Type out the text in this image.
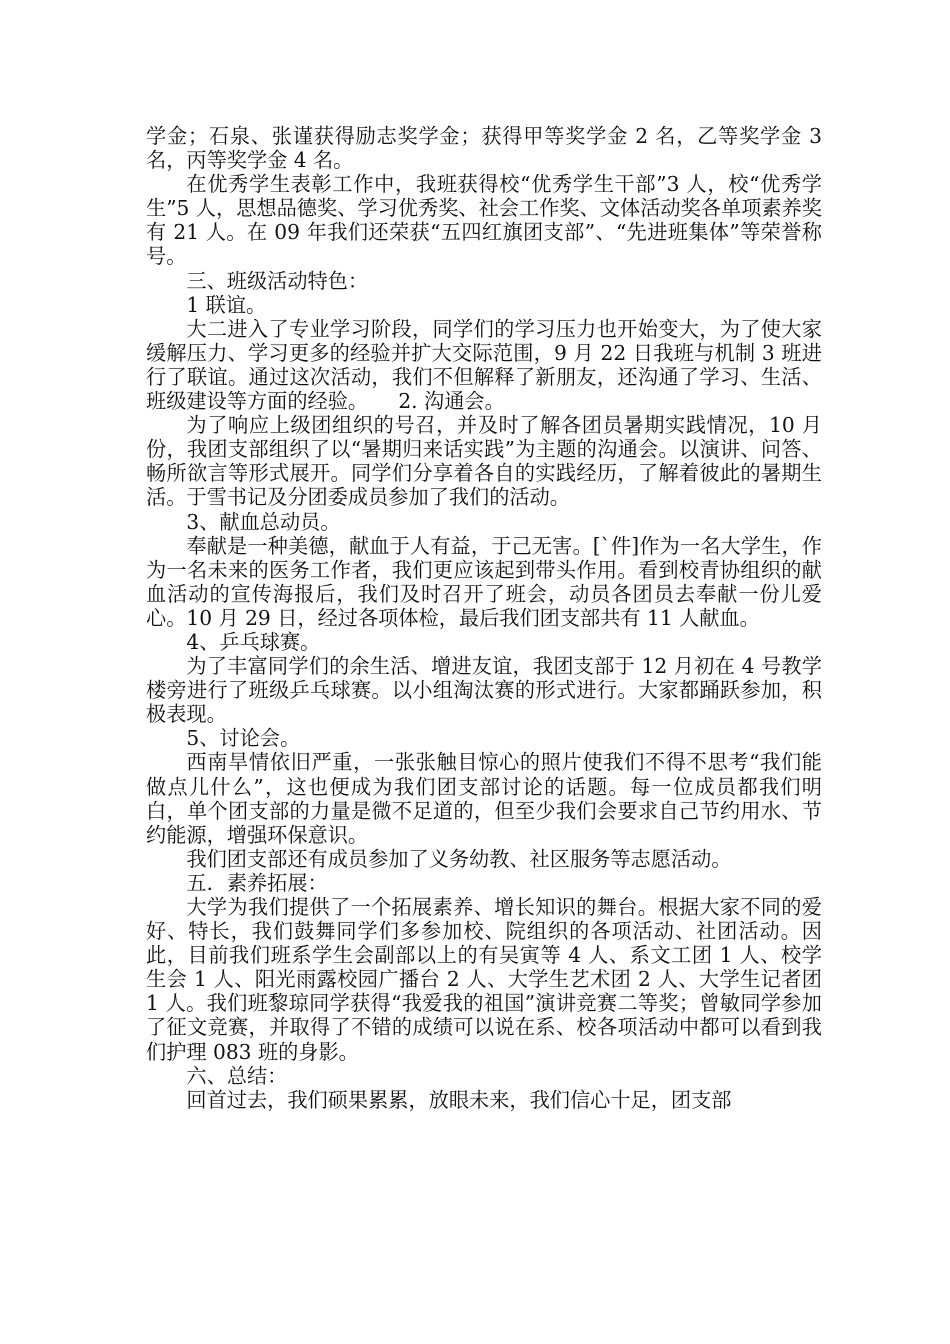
学金；石泉、张谨获得励志奖学金；获得甲等奖学金 2 名，乙等奖学金 3 名，丙等奖学金 4 名。

在优秀学生表彰工作中，我班获得校“优秀学生干部”3 人，校“优秀学生”5 人，思想品德奖、学习优秀奖、社会工作奖、文体活动奖各单项素养奖有 21 人。在 09 年我们还荣获“五四红旗团支部”、“先进班集体”等荣誉称号。

三、班级活动特色：

1 联谊。

大二进入了专业学习阶段，同学们的学习压力也开始变大，为了使大家缓解压力、学习更多的经验并扩大交际范围，9 月 22 日我班与机制 3 班进行了联谊。通过这次活动，我们不但解释了新朋友，还沟通了学习、生活、班级建设等方面的经验。　　2. 沟通会。

为了响应上级团组织的号召，并及时了解各团员暑期实践情况，10 月份，我团支部组织了以“暑期归来话实践”为主题的沟通会。以演讲、问答、畅所欲言等形式展开。同学们分享着各自的实践经历，了解着彼此的暑期生活。于雪书记及分团委成员参加了我们的活动。

3、献血总动员。

奉献是一种美德，献血于人有益，于己无害。[`件]作为一名大学生，作为一名未来的医务工作者，我们更应该起到带头作用。看到校青协组织的献血活动的宣传海报后，我们及时召开了班会，动员各团员去奉献一份儿爱心。10 月 29 日，经过各项体检，最后我们团支部共有 11 人献血。

4、乒乓球赛。

为了丰富同学们的余生活、增进友谊，我团支部于 12 月初在 4 号教学楼旁进行了班级乒乓球赛。以小组淘汰赛的形式进行。大家都踊跃参加，积极表现。

5、讨论会。

西南旱情依旧严重，一张张触目惊心的照片使我们不得不思考“我们能做点儿什么”，这也便成为我们团支部讨论的话题。每一位成员都我们明白，单个团支部的力量是微不足道的，但至少我们会要求自己节约用水、节约能源，增强环保意识。

我们团支部还有成员参加了义务幼教、社区服务等志愿活动。

五．素养拓展：

大学为我们提供了一个拓展素养、增长知识的舞台。根据大家不同的爱好、特长，我们鼓舞同学们多参加校、院组织的各项活动、社团活动。因此，目前我们班系学生会副部以上的有吴寅等 4 人、系文工团 1 人、校学生会 1 人、阳光雨露校园广播台 2 人、大学生艺术团 2 人、大学生记者团 1 人。我们班黎琼同学获得“我爱我的祖国”演讲竞赛二等奖；曾敏同学参加了征文竞赛，并取得了不错的成绩可以说在系、校各项活动中都可以看到我们护理 083 班的身影。

六、总结：

回首过去，我们硕果累累，放眼未来，我们信心十足，团支部
